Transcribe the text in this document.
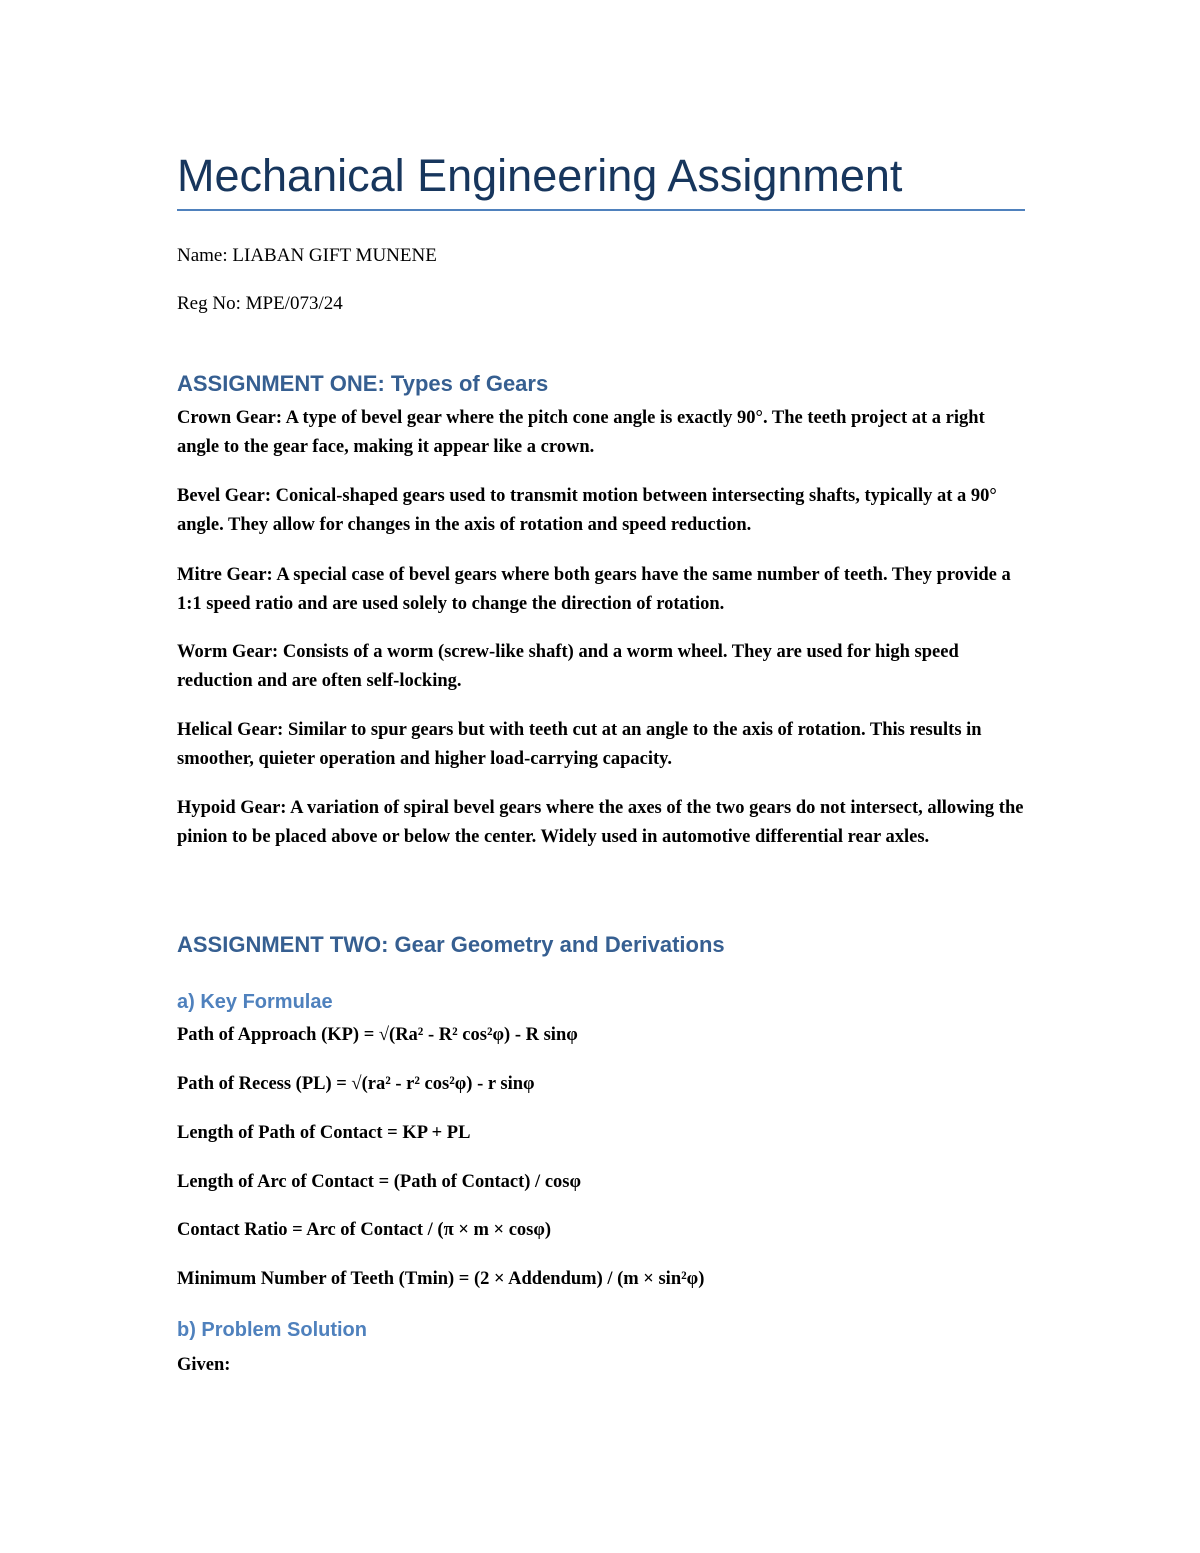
Mechanical Engineering Assignment

Name: LIABAN GIFT MUNENE

Reg No: MPE/073/24

ASSIGNMENT ONE: Types of Gears

Crown Gear: A type of bevel gear where the pitch cone angle is exactly 90°. The teeth project at a right angle to the gear face, making it appear like a crown.

Bevel Gear: Conical-shaped gears used to transmit motion between intersecting shafts, typically at a 90° angle. They allow for changes in the axis of rotation and speed reduction.

Mitre Gear: A special case of bevel gears where both gears have the same number of teeth. They provide a 1:1 speed ratio and are used solely to change the direction of rotation.

Worm Gear: Consists of a worm (screw-like shaft) and a worm wheel. They are used for high speed reduction and are often self-locking.

Helical Gear: Similar to spur gears but with teeth cut at an angle to the axis of rotation. This results in smoother, quieter operation and higher load-carrying capacity.

Hypoid Gear: A variation of spiral bevel gears where the axes of the two gears do not intersect, allowing the pinion to be placed above or below the center. Widely used in automotive differential rear axles.

ASSIGNMENT TWO: Gear Geometry and Derivations
a) Key Formulae

Path of Approach (KP) = √(Ra² - R² cos²φ) - R sinφ

Path of Recess (PL) = √(ra² - r² cos²φ) - r sinφ

Length of Path of Contact = KP + PL

Length of Arc of Contact = (Path of Contact) / cosφ

Contact Ratio = Arc of Contact / (π × m × cosφ)

Minimum Number of Teeth (Tmin) = (2 × Addendum) / (m × sin²φ)

b) Problem Solution

Given:
